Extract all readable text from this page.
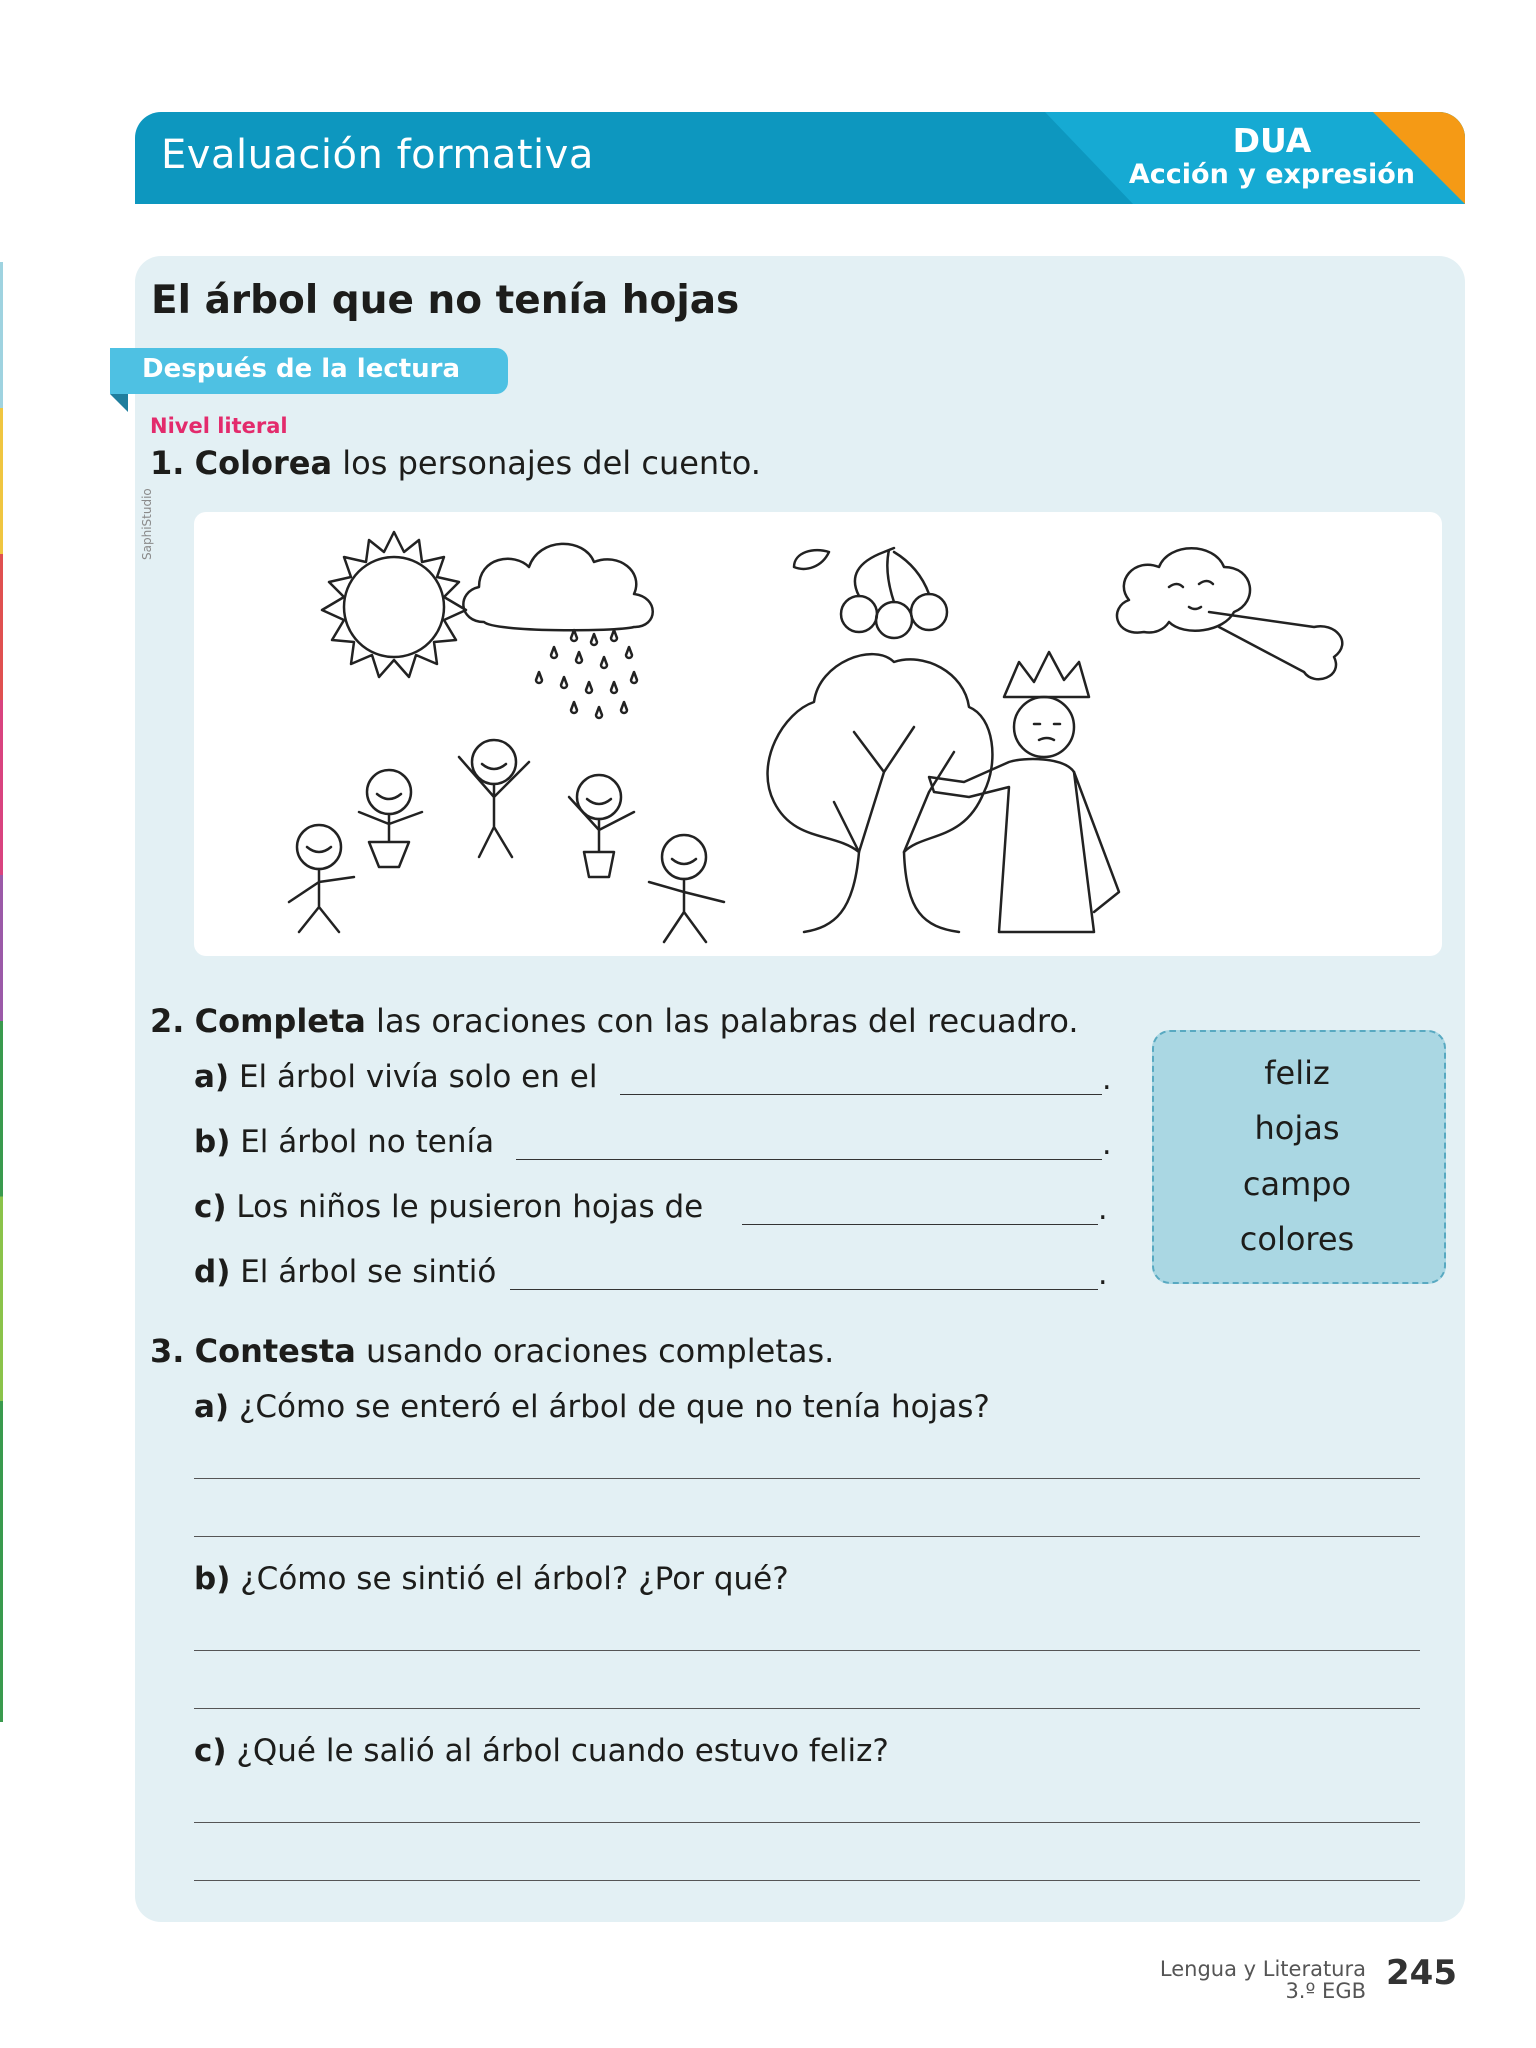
Evaluación formativa	DUA
Acción y expresión
El árbol que no tenía hojas
Después de la lectura
Nivel literal
1. Colorea los personajes del cuento.
SaphiStudio
2. Completa las oraciones con las palabras del recuadro.
a) El árbol vivía solo en el	.
b) El árbol no tenía	.
c) Los niños le pusieron hojas de	.
d) El árbol se sintió	.
feliz
hojas
campo
colores
3. Contesta usando oraciones completas.
a) ¿Cómo se enteró el árbol de que no tenía hojas?
b) ¿Cómo se sintió el árbol? ¿Por qué?
c) ¿Qué le salió al árbol cuando estuvo feliz?
Lengua y Literatura
3.º EGB 245
